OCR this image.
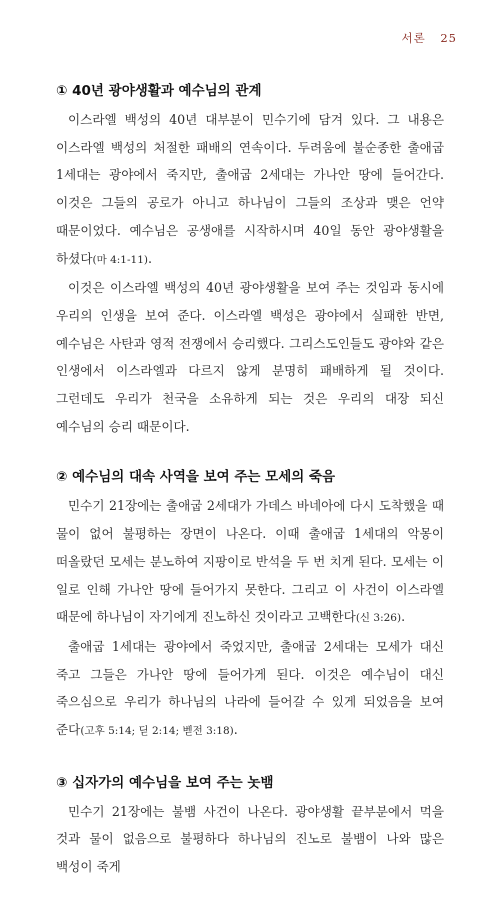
서론 25
① 40년 광야생활과 예수님의 관계

이스라엘 백성의 40년 대부분이 민수기에 담겨 있다. 그 내용은 이스라엘 백성의 처절한 패배의 연속이다. 두려움에 불순종한 출애굽 1세대는 광야에서 죽지만, 출애굽 2세대는 가나안 땅에 들어간다. 이것은 그들의 공로가 아니고 하나님이 그들의 조상과 맺은 언약 때문이었다. 예수님은 공생애를 시작하시며 40일 동안 광야생활을 하셨다(마 4:1-11).

이것은 이스라엘 백성의 40년 광야생활을 보여 주는 것임과 동시에 우리의 인생을 보여 준다. 이스라엘 백성은 광야에서 실패한 반면, 예수님은 사탄과 영적 전쟁에서 승리했다. 그리스도인들도 광야와 같은 인생에서 이스라엘과 다르지 않게 분명히 패배하게 될 것이다. 그런데도 우리가 천국을 소유하게 되는 것은 우리의 대장 되신 예수님의 승리 때문이다.

② 예수님의 대속 사역을 보여 주는 모세의 죽음

민수기 21장에는 출애굽 2세대가 가데스 바네아에 다시 도착했을 때 물이 없어 불평하는 장면이 나온다. 이때 출애굽 1세대의 악몽이 떠올랐던 모세는 분노하여 지팡이로 반석을 두 번 치게 된다. 모세는 이 일로 인해 가나안 땅에 들어가지 못한다. 그리고 이 사건이 이스라엘 때문에 하나님이 자기에게 진노하신 것이라고 고백한다(신 3:26).

출애굽 1세대는 광야에서 죽었지만, 출애굽 2세대는 모세가 대신 죽고 그들은 가나안 땅에 들어가게 된다. 이것은 예수님이 대신 죽으심으로 우리가 하나님의 나라에 들어갈 수 있게 되었음을 보여 준다(고후 5:14; 딛 2:14; 벧전 3:18).

③ 십자가의 예수님을 보여 주는 놋뱀

민수기 21장에는 불뱀 사건이 나온다. 광야생활 끝부분에서 먹을 것과 물이 없음으로 불평하다 하나님의 진노로 불뱀이 나와 많은 백성이 죽게
